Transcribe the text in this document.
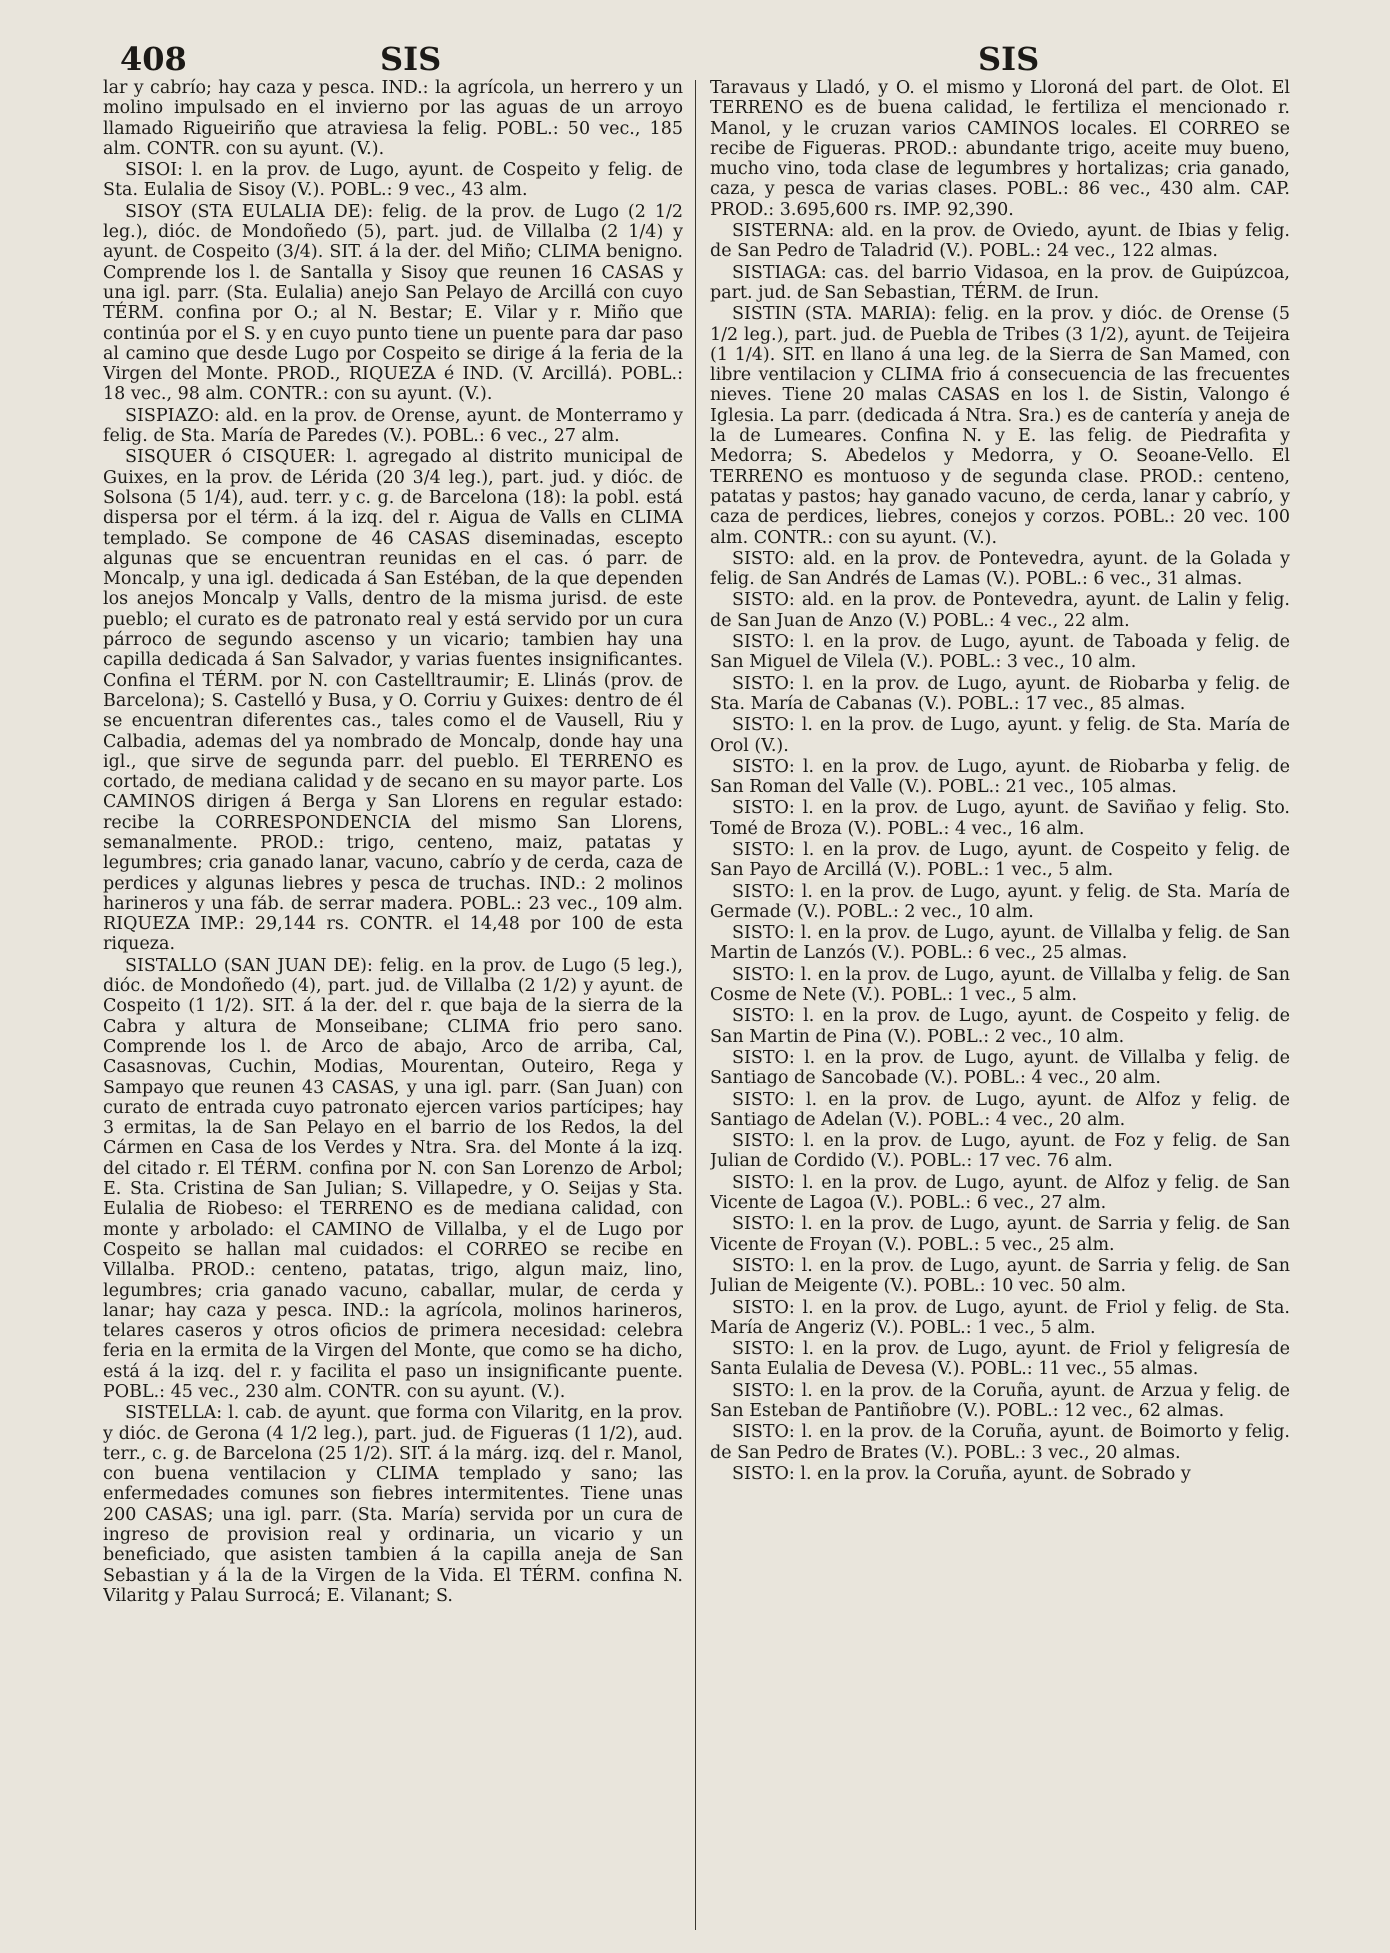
408	SIS	SIS

lar y cabrío; hay caza y pesca. IND.: la agrícola, un herrero y un molino impulsado en el invierno por las aguas de un arroyo llamado Rigueiriño que atraviesa la felig. POBL.: 50 vec., 185 alm. CONTR. con su ayunt. (V.).

SISOI: l. en la prov. de Lugo, ayunt. de Cospeito y felig. de Sta. Eulalia de Sisoy (V.). POBL.: 9 vec., 43 alm.

SISOY (STA EULALIA DE): felig. de la prov. de Lugo (2 1/2 leg.), dióc. de Mondoñedo (5), part. jud. de Villalba (2 1/4) y ayunt. de Cospeito (3/4). SIT. á la der. del Miño; CLIMA benigno. Comprende los l. de Santalla y Sisoy que reunen 16 CASAS y una igl. parr. (Sta. Eulalia) anejo San Pelayo de Arcillá con cuyo TÉRM. confina por O.; al N. Bestar; E. Vilar y r. Miño que continúa por el S. y en cuyo punto tiene un puente para dar paso al camino que desde Lugo por Cospeito se dirige á la feria de la Virgen del Monte. PROD., RIQUEZA é IND. (V. Arcillá). POBL.: 18 vec., 98 alm. CONTR.: con su ayunt. (V.).

SISPIAZO: ald. en la prov. de Orense, ayunt. de Monterramo y felig. de Sta. María de Paredes (V.). POBL.: 6 vec., 27 alm.

SISQUER ó CISQUER: l. agregado al distrito municipal de Guixes, en la prov. de Lérida (20 3/4 leg.), part. jud. y dióc. de Solsona (5 1/4), aud. terr. y c. g. de Barcelona (18): la pobl. está dispersa por el térm. á la izq. del r. Aigua de Valls en CLIMA templado. Se compone de 46 CASAS diseminadas, escepto algunas que se encuentran reunidas en el cas. ó parr. de Moncalp, y una igl. dedicada á San Estéban, de la que dependen los anejos Moncalp y Valls, dentro de la misma jurisd. de este pueblo; el curato es de patronato real y está servido por un cura párroco de segundo ascenso y un vicario; tambien hay una capilla dedicada á San Salvador, y varias fuentes insignificantes. Confina el TÉRM. por N. con Castelltraumir; E. Llinás (prov. de Barcelona); S. Castelló y Busa, y O. Corriu y Guixes: dentro de él se encuentran diferentes cas., tales como el de Vausell, Riu y Calbadia, ademas del ya nombrado de Moncalp, donde hay una igl., que sirve de segunda parr. del pueblo. El TERRENO es cortado, de mediana calidad y de secano en su mayor parte. Los CAMINOS dirigen á Berga y San Llorens en regular estado: recibe la CORRESPONDENCIA del mismo San Llorens, semanalmente. PROD.: trigo, centeno, maiz, patatas y legumbres; cria ganado lanar, vacuno, cabrío y de cerda, caza de perdices y algunas liebres y pesca de truchas. IND.: 2 molinos harineros y una fáb. de serrar madera. POBL.: 23 vec., 109 alm. RIQUEZA IMP.: 29,144 rs. CONTR. el 14,48 por 100 de esta riqueza.

SISTALLO (SAN JUAN DE): felig. en la prov. de Lugo (5 leg.), dióc. de Mondoñedo (4), part. jud. de Villalba (2 1/2) y ayunt. de Cospeito (1 1/2). SIT. á la der. del r. que baja de la sierra de la Cabra y altura de Monseibane; CLIMA frio pero sano. Comprende los l. de Arco de abajo, Arco de arriba, Cal, Casasnovas, Cuchin, Modias, Mourentan, Outeiro, Rega y Sampayo que reunen 43 CASAS, y una igl. parr. (San Juan) con curato de entrada cuyo patronato ejercen varios partícipes; hay 3 ermitas, la de San Pelayo en el barrio de los Redos, la del Cármen en Casa de los Verdes y Ntra. Sra. del Monte á la izq. del citado r. El TÉRM. confina por N. con San Lorenzo de Arbol; E. Sta. Cristina de San Julian; S. Villapedre, y O. Seijas y Sta. Eulalia de Riobeso: el TERRENO es de mediana calidad, con monte y arbolado: el CAMINO de Villalba, y el de Lugo por Cospeito se hallan mal cuidados: el CORREO se recibe en Villalba. PROD.: centeno, patatas, trigo, algun maiz, lino, legumbres; cria ganado vacuno, caballar, mular, de cerda y lanar; hay caza y pesca. IND.: la agrícola, molinos harineros, telares caseros y otros oficios de primera necesidad: celebra feria en la ermita de la Virgen del Monte, que como se ha dicho, está á la izq. del r. y facilita el paso un insignificante puente. POBL.: 45 vec., 230 alm. CONTR. con su ayunt. (V.).

SISTELLA: l. cab. de ayunt. que forma con Vilaritg, en la prov. y dióc. de Gerona (4 1/2 leg.), part. jud. de Figueras (1 1/2), aud. terr., c. g. de Barcelona (25 1/2). SIT. á la márg. izq. del r. Manol, con buena ventilacion y CLIMA templado y sano; las enfermedades comunes son fiebres intermitentes. Tiene unas 200 CASAS; una igl. parr. (Sta. María) servida por un cura de ingreso de provision real y ordinaria, un vicario y un beneficiado, que asisten tambien á la capilla aneja de San Sebastian y á la de la Virgen de la Vida. El TÉRM. confina N. Vilaritg y Palau Surrocá; E. Vilanant; S.

Taravaus y Lladó, y O. el mismo y Lloroná del part. de Olot. El TERRENO es de buena calidad, le fertiliza el mencionado r. Manol, y le cruzan varios CAMINOS locales. El CORREO se recibe de Figueras. PROD.: abundante trigo, aceite muy bueno, mucho vino, toda clase de legumbres y hortalizas; cria ganado, caza, y pesca de varias clases. POBL.: 86 vec., 430 alm. CAP. PROD.: 3.695,600 rs. IMP. 92,390.

SISTERNA: ald. en la prov. de Oviedo, ayunt. de Ibias y felig. de San Pedro de Taladrid (V.). POBL.: 24 vec., 122 almas.

SISTIAGA: cas. del barrio Vidasoa, en la prov. de Guipúzcoa, part. jud. de San Sebastian, TÉRM. de Irun.

SISTIN (STA. MARIA): felig. en la prov. y dióc. de Orense (5 1/2 leg.), part. jud. de Puebla de Tribes (3 1/2), ayunt. de Teijeira (1 1/4). SIT. en llano á una leg. de la Sierra de San Mamed, con libre ventilacion y CLIMA frio á consecuencia de las frecuentes nieves. Tiene 20 malas CASAS en los l. de Sistin, Valongo é Iglesia. La parr. (dedicada á Ntra. Sra.) es de cantería y aneja de la de Lumeares. Confina N. y E. las felig. de Piedrafita y Medorra; S. Abedelos y Medorra, y O. Seoane-Vello. El TERRENO es montuoso y de segunda clase. PROD.: centeno, patatas y pastos; hay ganado vacuno, de cerda, lanar y cabrío, y caza de perdices, liebres, conejos y corzos. POBL.: 20 vec. 100 alm. CONTR.: con su ayunt. (V.).

SISTO: ald. en la prov. de Pontevedra, ayunt. de la Golada y felig. de San Andrés de Lamas (V.). POBL.: 6 vec., 31 almas.

SISTO: ald. en la prov. de Pontevedra, ayunt. de Lalin y felig. de San Juan de Anzo (V.) POBL.: 4 vec., 22 alm.

SISTO: l. en la prov. de Lugo, ayunt. de Taboada y felig. de San Miguel de Vilela (V.). POBL.: 3 vec., 10 alm.

SISTO: l. en la prov. de Lugo, ayunt. de Riobarba y felig. de Sta. María de Cabanas (V.). POBL.: 17 vec., 85 almas.

SISTO: l. en la prov. de Lugo, ayunt. y felig. de Sta. María de Orol (V.).

SISTO: l. en la prov. de Lugo, ayunt. de Riobarba y felig. de San Roman del Valle (V.). POBL.: 21 vec., 105 almas.

SISTO: l. en la prov. de Lugo, ayunt. de Saviñao y felig. Sto. Tomé de Broza (V.). POBL.: 4 vec., 16 alm.

SISTO: l. en la prov. de Lugo, ayunt. de Cospeito y felig. de San Payo de Arcillá (V.). POBL.: 1 vec., 5 alm.

SISTO: l. en la prov. de Lugo, ayunt. y felig. de Sta. María de Germade (V.). POBL.: 2 vec., 10 alm.

SISTO: l. en la prov. de Lugo, ayunt. de Villalba y felig. de San Martin de Lanzós (V.). POBL.: 6 vec., 25 almas.

SISTO: l. en la prov. de Lugo, ayunt. de Villalba y felig. de San Cosme de Nete (V.). POBL.: 1 vec., 5 alm.

SISTO: l. en la prov. de Lugo, ayunt. de Cospeito y felig. de San Martin de Pina (V.). POBL.: 2 vec., 10 alm.

SISTO: l. en la prov. de Lugo, ayunt. de Villalba y felig. de Santiago de Sancobade (V.). POBL.: 4 vec., 20 alm.

SISTO: l. en la prov. de Lugo, ayunt. de Alfoz y felig. de Santiago de Adelan (V.). POBL.: 4 vec., 20 alm.

SISTO: l. en la prov. de Lugo, ayunt. de Foz y felig. de San Julian de Cordido (V.). POBL.: 17 vec. 76 alm.

SISTO: l. en la prov. de Lugo, ayunt. de Alfoz y felig. de San Vicente de Lagoa (V.). POBL.: 6 vec., 27 alm.

SISTO: l. en la prov. de Lugo, ayunt. de Sarria y felig. de San Vicente de Froyan (V.). POBL.: 5 vec., 25 alm.

SISTO: l. en la prov. de Lugo, ayunt. de Sarria y felig. de San Julian de Meigente (V.). POBL.: 10 vec. 50 alm.

SISTO: l. en la prov. de Lugo, ayunt. de Friol y felig. de Sta. María de Angeriz (V.). POBL.: 1 vec., 5 alm.

SISTO: l. en la prov. de Lugo, ayunt. de Friol y feligresía de Santa Eulalia de Devesa (V.). POBL.: 11 vec., 55 almas.

SISTO: l. en la prov. de la Coruña, ayunt. de Arzua y felig. de San Esteban de Pantiñobre (V.). POBL.: 12 vec., 62 almas.

SISTO: l. en la prov. de la Coruña, ayunt. de Boimorto y felig. de San Pedro de Brates (V.). POBL.: 3 vec., 20 almas.

SISTO: l. en la prov. la Coruña, ayunt. de Sobrado y
